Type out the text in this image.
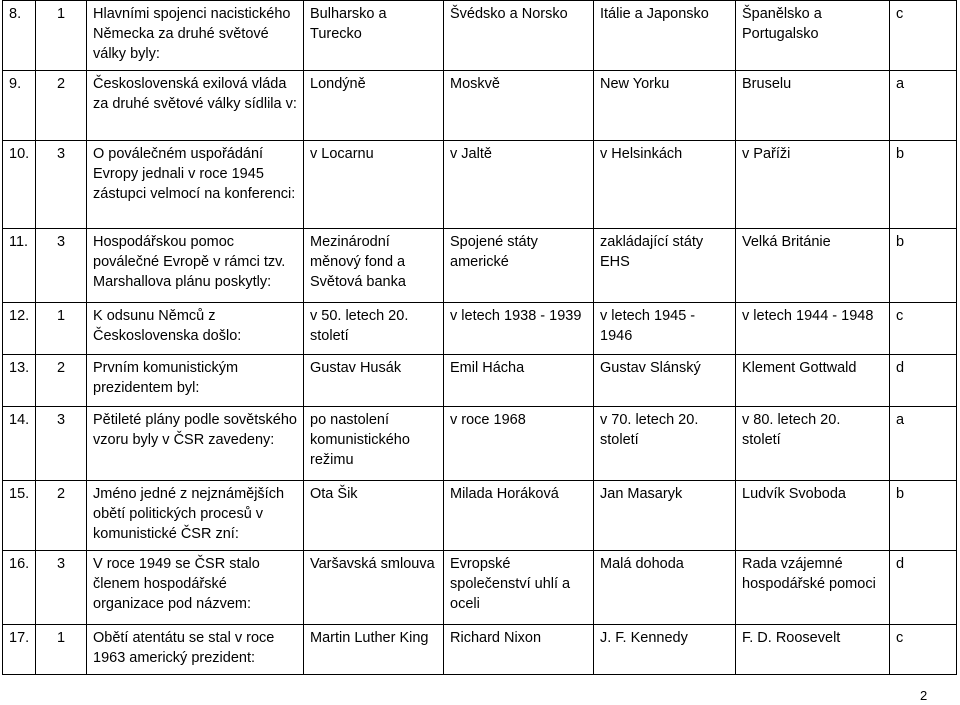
8.	1	Hlavními spojenci nacistického Německa za druhé světové války byly:	Bulharsko a Turecko	Švédsko a Norsko	Itálie a Japonsko	Španělsko a Portugalsko	c
9.	2	Československá exilová vláda za druhé světové války sídlila v:	Londýně	Moskvě	New Yorku	Bruselu	a
10.	3	O poválečném uspořádání Evropy jednali v roce 1945 zástupci velmocí na konferenci:	v Locarnu	v Jaltě	v Helsinkách	v Paříži	b
11.	3	Hospodářskou pomoc poválečné Evropě v rámci tzv. Marshallova plánu poskytly:	Mezinárodní měnový fond a Světová banka	Spojené státy americké	zakládající státy EHS	Velká Británie	b
12.	1	K odsunu Němců z Československa došlo:	v 50. letech 20. století	v letech 1938 - 1939	v letech 1945 - 1946	v letech 1944 - 1948	c
13.	2	Prvním komunistickým prezidentem byl:	Gustav Husák	Emil Hácha	Gustav Slánský	Klement Gottwald	d
14.	3	Pětileté plány podle sovětského vzoru byly v ČSR zavedeny:	po nastolení komunistického režimu	v roce 1968	v 70. letech 20. století	v 80. letech 20. století	a
15.	2	Jméno jedné z nejznámějších obětí politických procesů v komunistické ČSR zní:	Ota Šik	Milada Horáková	Jan Masaryk	Ludvík Svoboda	b
16.	3	V roce 1949 se ČSR stalo členem hospodářské organizace pod názvem:	Varšavská smlouva	Evropské společenství uhlí a oceli	Malá dohoda	Rada vzájemné hospodářské pomoci	d
17.	1	Obětí atentátu se stal v roce 1963 americký prezident:	Martin Luther King	Richard Nixon	J. F. Kennedy	F. D. Roosevelt	c
2
